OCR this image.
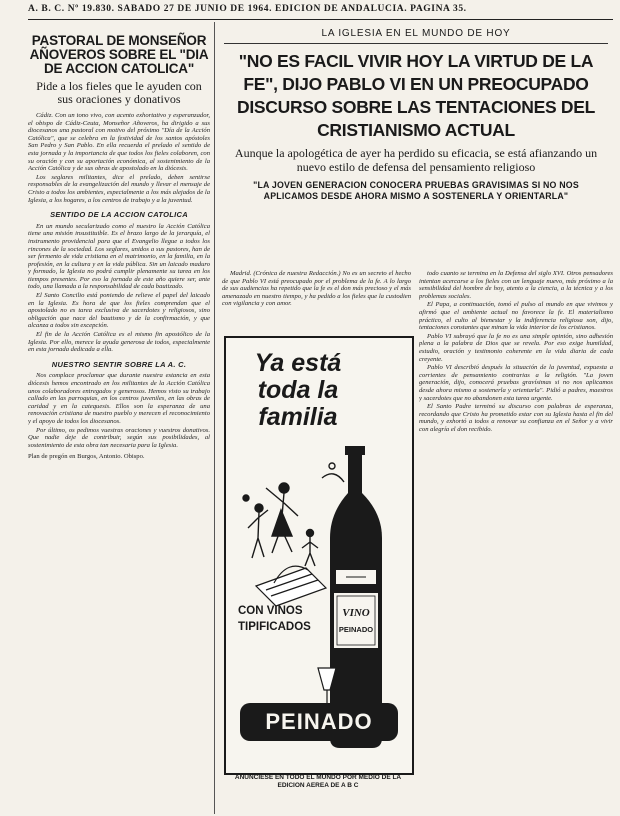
A. B. C. Nº 19.830. SABADO 27 DE JUNIO DE 1964. EDICION DE ANDALUCIA. PAGINA 35.
PASTORAL DE MONSEÑOR AÑOVEROS SOBRE EL "DIA DE ACCION CATOLICA"
Pide a los fieles que le ayuden con sus oraciones y donativos

Cádiz. Con un tono vivo, con acento exhortativo y esperanzador, el obispo de Cádiz-Ceuta, Monseñor Añoveros, ha dirigido a sus diocesanos una pastoral con motivo del próximo "Día de la Acción Católica", que se celebra en la festividad de los santos apóstoles San Pedro y San Pablo. En ella recuerda el prelado el sentido de esta jornada y la importancia de que todos los fieles colaboren, con su oración y con su aportación económica, al sostenimiento de la Acción Católica y de sus obras de apostolado en la diócesis.

Los seglares militantes, dice el prelado, deben sentirse responsables de la evangelización del mundo y llevar el mensaje de Cristo a todos los ambientes, especialmente a los más alejados de la Iglesia, a los hogares, a los centros de trabajo y a la juventud.

SENTIDO DE LA ACCION CATOLICA

En un mundo secularizado como el nuestro la Acción Católica tiene una misión insustituible. Es el brazo largo de la jerarquía, el instrumento providencial para que el Evangelio llegue a todos los rincones de la sociedad. Los seglares, unidos a sus pastores, han de ser fermento de vida cristiana en el matrimonio, en la familia, en la profesión, en la cultura y en la vida pública. Sin un laicado maduro y formado, la Iglesia no podrá cumplir plenamente su tarea en los tiempos presentes. Por eso la jornada de este año quiere ser, ante todo, una llamada a la responsabilidad de cada bautizado.

El Santo Concilio está poniendo de relieve el papel del laicado en la Iglesia. Es hora de que los fieles comprendan que el apostolado no es tarea exclusiva de sacerdotes y religiosos, sino obligación que nace del bautismo y de la confirmación, y que alcanza a todos sin excepción.

El fin de la Acción Católica es el mismo fin apostólico de la Iglesia. Por ello, merece la ayuda generosa de todos, especialmente en esta jornada dedicada a ella.

NUESTRO SENTIR SOBRE LA A. C.

Nos complace proclamar que durante nuestra estancia en esta diócesis hemos encontrado en los militantes de la Acción Católica unos colaboradores entregados y generosos. Hemos visto su trabajo callado en las parroquias, en los centros juveniles, en las obras de caridad y en la catequesis. Ellos son la esperanza de una renovación cristiana de nuestro pueblo y merecen el reconocimiento y el apoyo de todos los diocesanos.

Por último, os pedimos vuestras oraciones y vuestros donativos. Que nadie deje de contribuir, según sus posibilidades, al sostenimiento de esta obra tan necesaria para la Iglesia.

Plan de pregón en Burgos, Antonio. Obispo.
LA IGLESIA EN EL MUNDO DE HOY
"NO ES FACIL VIVIR HOY LA VIRTUD DE LA FE", DIJO PABLO VI EN UN PREOCUPADO DISCURSO SOBRE LAS TENTACIONES DEL CRISTIANISMO ACTUAL
Aunque la apologética de ayer ha perdido su eficacia, se está afianzando un nuevo estilo de defensa del pensamiento religioso
"LA JOVEN GENERACION CONOCERA PRUEBAS GRAVISIMAS SI NO NOS APLICAMOS DESDE AHORA MISMO A SOSTENERLA Y ORIENTARLA"

Madrid. (Crónica de nuestra Redacción.) No es un secreto el hecho de que Pablo VI está preocupado por el problema de la fe. A lo largo de sus audiencias ha repetido que la fe es el don más precioso y el más amenazado en nuestro tiempo, y ha pedido a los fieles que la custodien con vigilancia y con amor.

todo cuanto se termina en la Defensa del siglo XVI. Otros pensadores intentan acercarse a los fieles con un lenguaje nuevo, más próximo a la sensibilidad del hombre de hoy, atento a la ciencia, a la técnica y a los problemas sociales.

El Papa, a continuación, tomó el pulso al mundo en que vivimos y afirmó que el ambiente actual no favorece la fe. El materialismo práctico, el culto al bienestar y la indiferencia religiosa son, dijo, tentaciones constantes que minan la vida interior de los cristianos.

Pablo VI subrayó que la fe no es una simple opinión, sino adhesión plena a la palabra de Dios que se revela. Por eso exige humildad, estudio, oración y testimonio coherente en la vida diaria de cada creyente.

Pablo VI describió después la situación de la juventud, expuesta a corrientes de pensamiento contrarias a la religión. "La joven generación, dijo, conocerá pruebas gravísimas si no nos aplicamos desde ahora mismo a sostenerla y orientarla". Pidió a padres, maestros y sacerdotes que no abandonen esta tarea urgente.

El Santo Padre terminó su discurso con palabras de esperanza, recordando que Cristo ha prometido estar con su Iglesia hasta el fin del mundo, y exhortó a todos a renovar su confianza en el Señor y a vivir con alegría el don recibido.

VINO
PEINADO
Ya está toda la familia
CON VINOS TIPIFICADOS
PEINADO
ANUNCIESE EN TODO EL MUNDO POR MEDIO DE LA EDICION AEREA DE A B C
